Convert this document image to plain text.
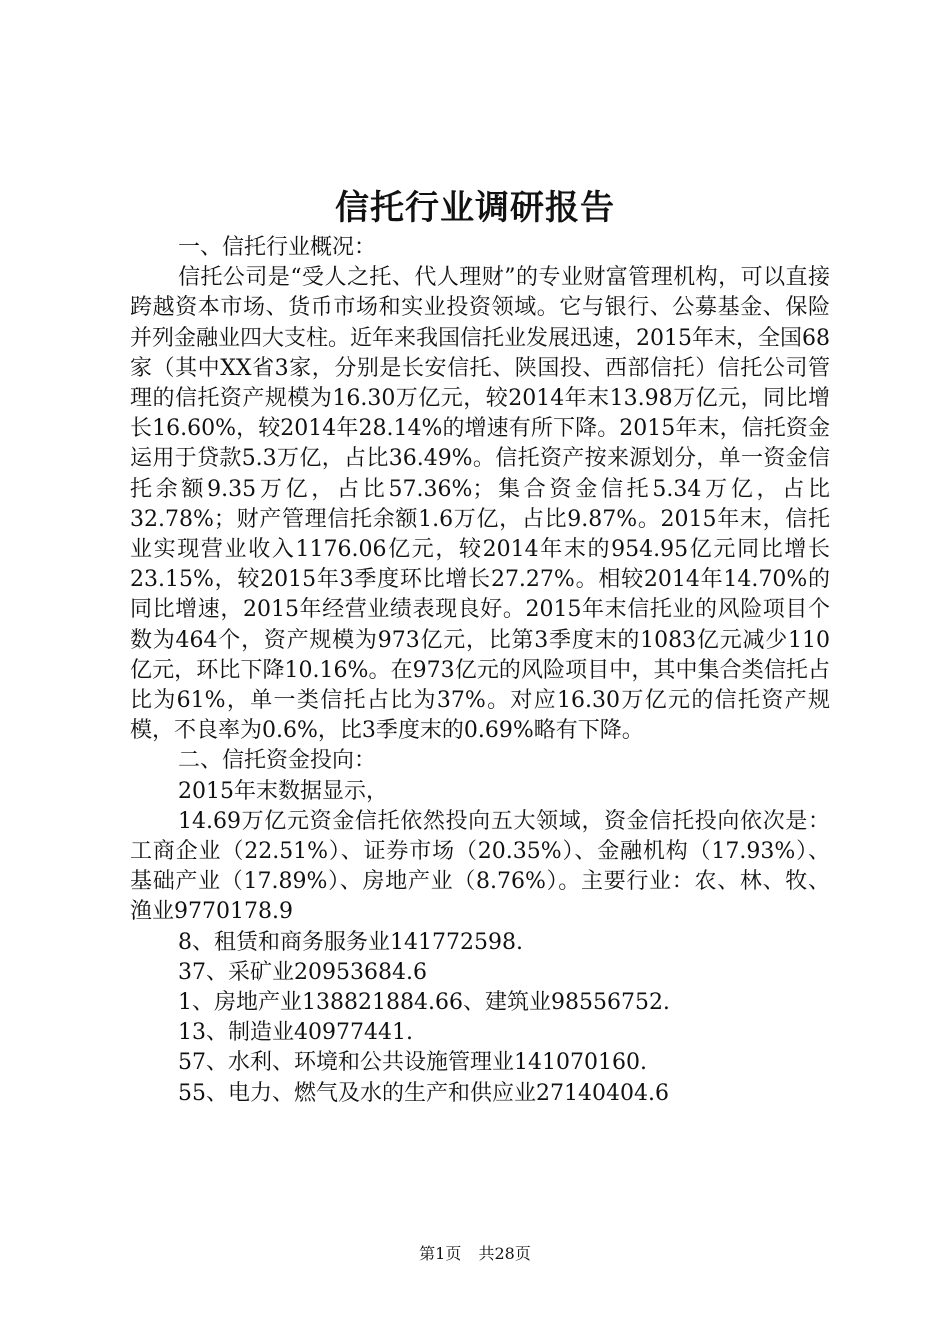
信托行业调研报告

一、信托行业概况：

信托公司是“受人之托、代人理财”的专业财富管理机构，可以直接跨越资本市场、货币市场和实业投资领域。它与银行、公募基金、保险并列金融业四大支柱。近年来我国信托业发展迅速，2015年末，全国68家（其中XX省3家，分别是长安信托、陕国投、西部信托）信托公司管理的信托资产规模为16.30万亿元，较2014年末13.98万亿元，同比增长16.60%，较2014年28.14%的增速有所下降。2015年末，信托资金运用于贷款5.3万亿，占比36.49%。信托资产按来源划分，单一资金信托余额9.35万亿，占比57.36%；集合资金信托5.34万亿，占比32.78%；财产管理信托余额1.6万亿，占比9.87%。2015年末，信托业实现营业收入1176.06亿元，较2014年末的954.95亿元同比增长23.15%，较2015年3季度环比增长27.27%。相较2014年14.70%的同比增速，2015年经营业绩表现良好。2015年末信托业的风险项目个数为464个，资产规模为973亿元，比第3季度末的1083亿元减少110亿元，环比下降10.16%。在973亿元的风险项目中，其中集合类信托占比为61%，单一类信托占比为37%。对应16.30万亿元的信托资产规模，不良率为0.6%，比3季度末的0.69%略有下降。

二、信托资金投向：

2015年末数据显示，

14.69万亿元资金信托依然投向五大领域，资金信托投向依次是：工商企业（22.51%）、证券市场（20.35%）、金融机构（17.93%）、基础产业（17.89%）、房地产业（8.76%）。主要行业：农、林、牧、渔业9770178.9

8、租赁和商务服务业141772598.

37、采矿业20953684.6

1、房地产业138821884.66、建筑业98556752.

13、制造业40977441.

57、水利、环境和公共设施管理业141070160.

55、电力、燃气及水的生产和供应业27140404.6

第1页 共28页
